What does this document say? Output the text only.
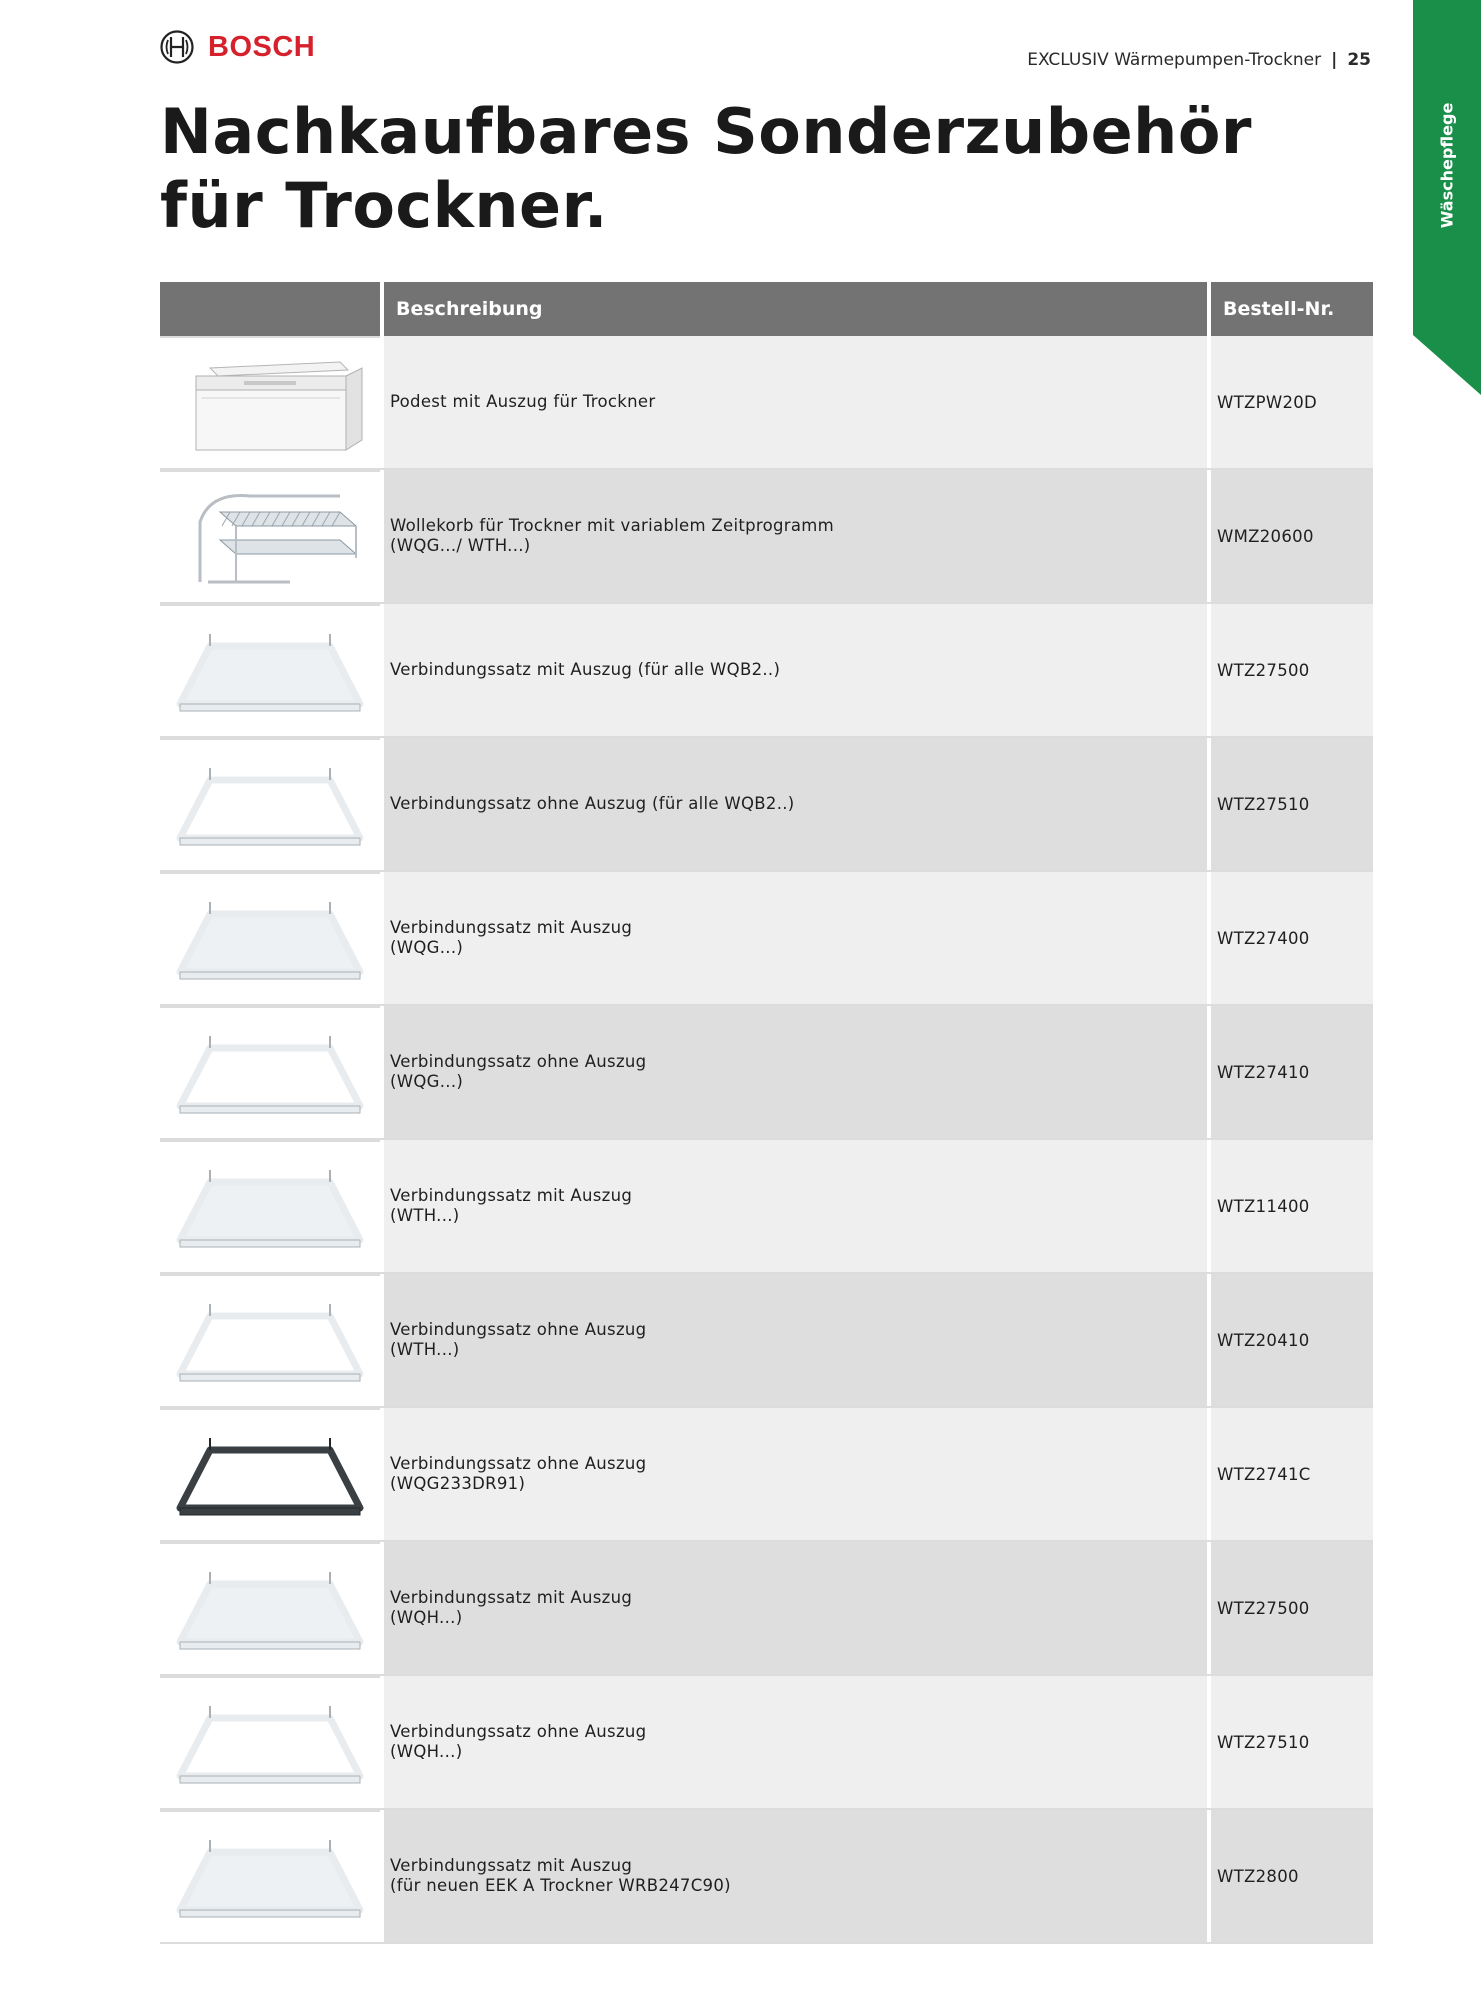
BOSCH	EXCLUSIV Wärmepumpen-Trockner | 25
Nachkaufbares Sonderzubehör
für Trockner.	Wäschepflege
Beschreibung	Bestell-Nr.
Podest mit Auszug für Trockner	WTZPW20D
Wollekorb für Trockner mit variablem Zeitprogramm
(WQG.../ WTH...)	WMZ20600
Verbindungssatz mit Auszug (für alle WQB2..)	WTZ27500
Verbindungssatz ohne Auszug (für alle WQB2..)	WTZ27510
Verbindungssatz mit Auszug
(WQG...)	WTZ27400
Verbindungssatz ohne Auszug
(WQG...)	WTZ27410
Verbindungssatz mit Auszug
(WTH...)	WTZ11400
Verbindungssatz ohne Auszug
(WTH...)	WTZ20410
Verbindungssatz ohne Auszug
(WQG233DR91)	WTZ2741C
Verbindungssatz mit Auszug
(WQH...)	WTZ27500
Verbindungssatz ohne Auszug
(WQH...)	WTZ27510
Verbindungssatz mit Auszug
(für neuen EEK A Trockner WRB247C90)	WTZ2800
